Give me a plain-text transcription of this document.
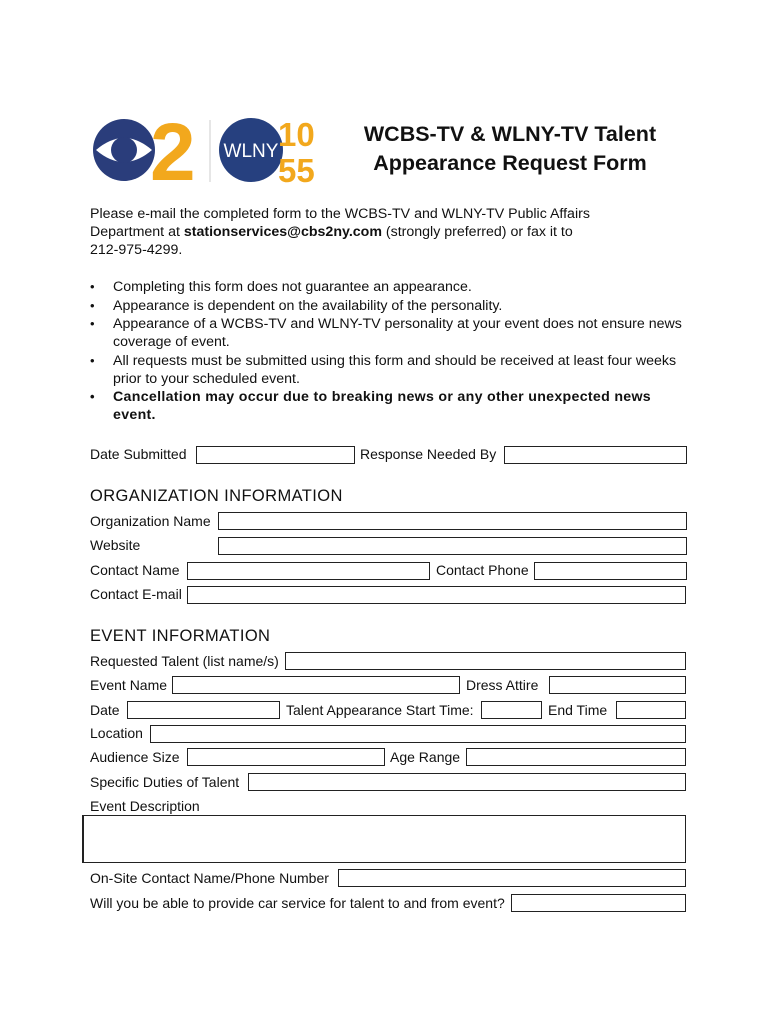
2 WLNY 10
55
WCBS-TV & WLNY-TV Talent
Appearance Request Form
Please e-mail the completed form to the WCBS-TV and WLNY-TV Public Affairs
Department at stationservices@cbs2ny.com (strongly preferred) or fax it to
212-975-4299.
• Completing this form does not guarantee an appearance.
• Appearance is dependent on the availability of the personality.
• Appearance of a WCBS-TV and WLNY-TV personality at your event does not ensure news coverage of event.
• All requests must be submitted using this form and should be received at least four weeks prior to your scheduled event.
• Cancellation may occur due to breaking news or any other unexpected news event.
Date Submitted	Response Needed By
ORGANIZATION INFORMATION
Organization Name
Website
Contact Name	Contact Phone
Contact E-mail
EVENT INFORMATION
Requested Talent (list name/s)
Event Name	Dress Attire
Date	Talent Appearance Start Time:	End Time
Location
Audience Size	Age Range
Specific Duties of Talent
Event Description
On-Site Contact Name/Phone Number
Will you be able to provide car service for talent to and from event?
